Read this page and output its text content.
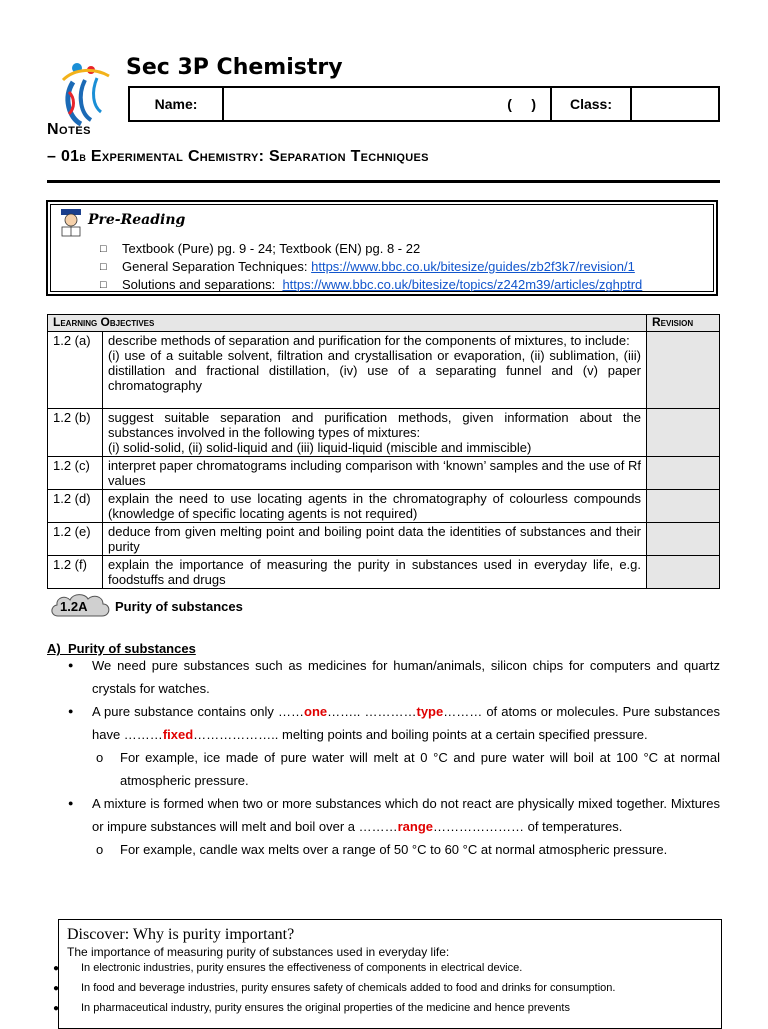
Sec 3P Chemistry
Name:	(     )	Class:
Notes
– 01b Experimental Chemistry: Separation Techniques
Pre-Reading
□ Textbook (Pure) pg. 9 - 24; Textbook (EN) pg. 8 - 22
□ General Separation Techniques: https://www.bbc.co.uk/bitesize/guides/zb2f3k7/revision/1
□ Solutions and separations:  https://www.bbc.co.uk/bitesize/topics/z242m39/articles/zghptrd
Learning Objectives		Revision
1.2 (a)	describe methods of separation and purification for the components of mixtures, to include:
(i) use of a suitable solvent, filtration and crystallisation or evaporation, (ii) sublimation, (iii) distillation and fractional distillation, (iv) use of a separating funnel and (v) paper chromatography	
1.2 (b)	suggest suitable separation and purification methods, given information about the substances involved in the following types of mixtures:
(i) solid-solid, (ii) solid-liquid and (iii) liquid-liquid (miscible and immiscible)	
1.2 (c)	interpret paper chromatograms including comparison with ‘known’ samples and the use of Rf values	
1.2 (d)	explain the need to use locating agents in the chromatography of colourless compounds (knowledge of specific locating agents is not required)	
1.2 (e)	deduce from given melting point and boiling point data the identities of substances and their purity	
1.2 (f)	explain the importance of measuring the purity in substances used in everyday life, e.g. foodstuffs and drugs	
1.2A Purity of substances
A)  Purity of substances

● We need pure substances such as medicines for human/animals, silicon chips for computers and quartz crystals for watches.

● A pure substance contains only ……one…….. …………type……… of atoms or molecules. Pure substances have ………fixed……………….. melting points and boiling points at a certain specified pressure.

o For example, ice made of pure water will melt at 0 °C and pure water will boil at 100 °C at normal atmospheric pressure.

● A mixture is formed when two or more substances which do not react are physically mixed together. Mixtures or impure substances will melt and boil over a ………range………………… of temperatures.

o For example, candle wax melts over a range of 50 °C to 60 °C at normal atmospheric pressure.

Discover: Why is purity important?
The importance of measuring purity of substances used in everyday life:
● In electronic industries, purity ensures the effectiveness of components in electrical device.
● In food and beverage industries, purity ensures safety of chemicals added to food and drinks for consumption.
● In pharmaceutical industry, purity ensures the original properties of the medicine and hence prevents
